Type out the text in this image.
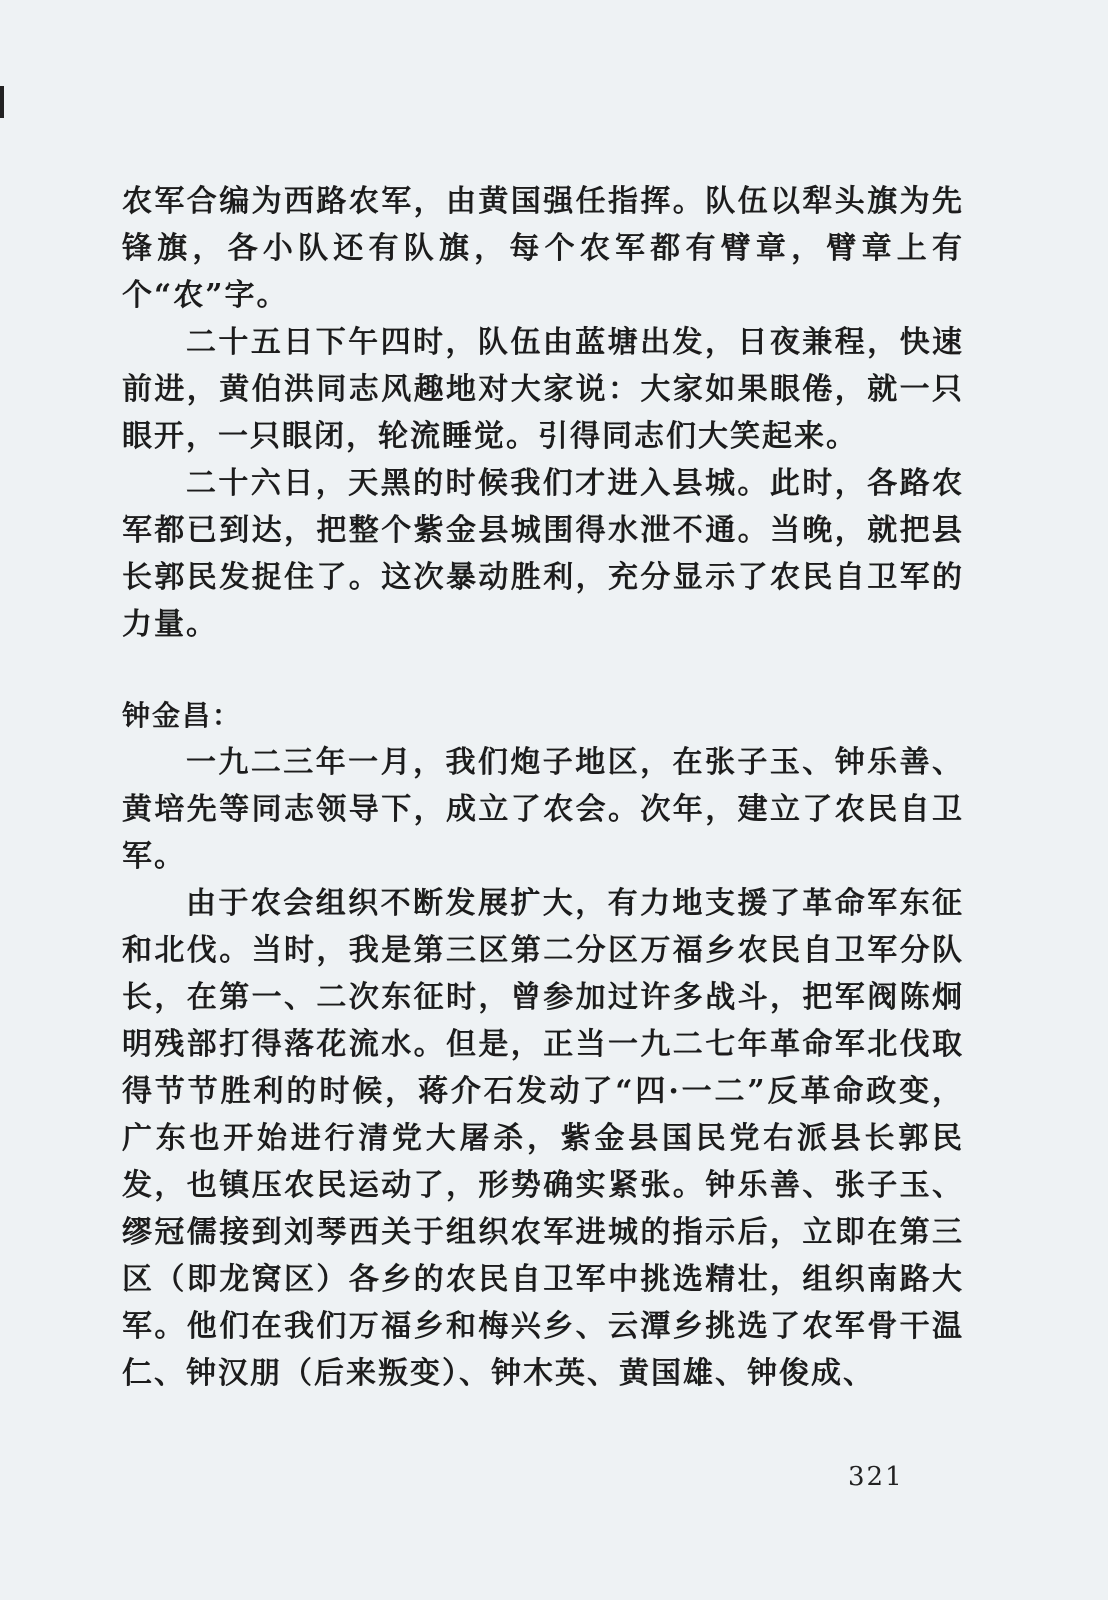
农军合编为西路农军，由黄国强任指挥。队伍以犁头旗为先锋旗，各小队还有队旗，每个农军都有臂章，臂章上有个“农”字。

二十五日下午四时，队伍由蓝塘出发，日夜兼程，快速前进，黄伯洪同志风趣地对大家说：大家如果眼倦，就一只眼开，一只眼闭，轮流睡觉。引得同志们大笑起来。

二十六日，天黑的时候我们才进入县城。此时，各路农军都已到达，把整个紫金县城围得水泄不通。当晚，就把县长郭民发捉住了。这次暴动胜利，充分显示了农民自卫军的力量。

钟金昌：

一九二三年一月，我们炮子地区，在张子玉、钟乐善、黄培先等同志领导下，成立了农会。次年，建立了农民自卫军。

由于农会组织不断发展扩大，有力地支援了革命军东征和北伐。当时，我是第三区第二分区万福乡农民自卫军分队长，在第一、二次东征时，曾参加过许多战斗，把军阀陈炯明残部打得落花流水。但是，正当一九二七年革命军北伐取得节节胜利的时候，蒋介石发动了“四·一二”反革命政变，广东也开始进行清党大屠杀，紫金县国民党右派县长郭民发，也镇压农民运动了，形势确实紧张。钟乐善、张子玉、缪冠儒接到刘琴西关于组织农军进城的指示后，立即在第三区（即龙窝区）各乡的农民自卫军中挑选精壮，组织南路大军。他们在我们万福乡和梅兴乡、云潭乡挑选了农军骨干温仁、钟汉朋（后来叛变）、钟木英、黄国雄、钟俊成、

321
